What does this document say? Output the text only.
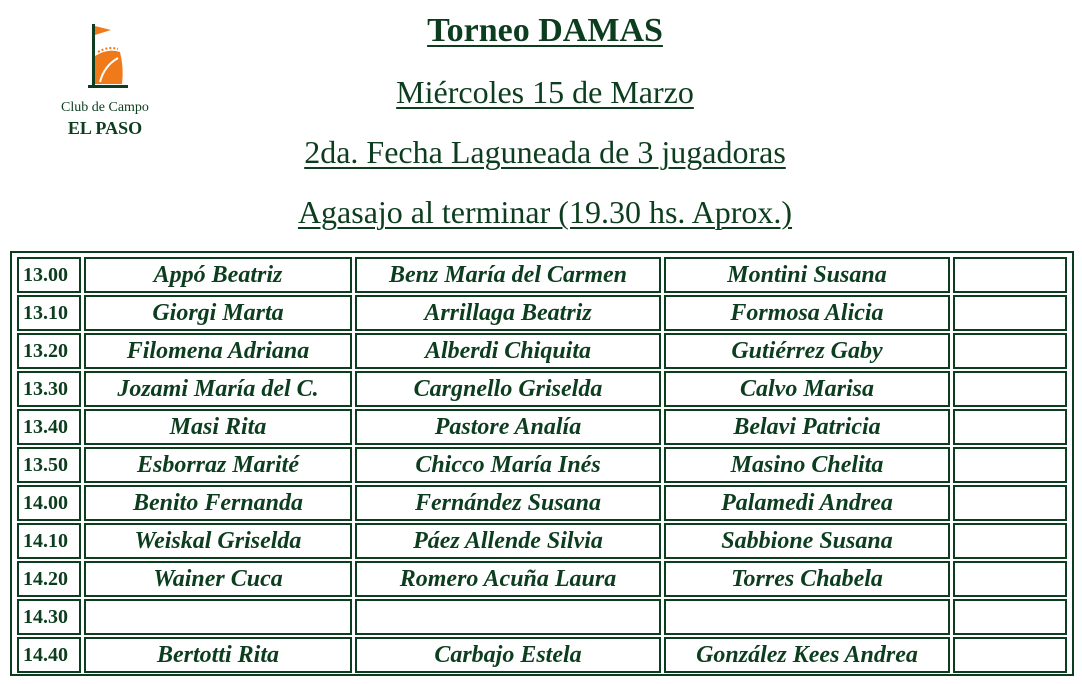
Club de Campo
EL PASO
Torneo DAMAS
Miércoles 15 de Marzo
2da. Fecha Laguneada de 3 jugadoras
Agasajo al terminar (19.30 hs. Aprox.)
13.00	Appó Beatriz	Benz María del Carmen	Montini Susana	
13.10	Giorgi Marta	Arrillaga Beatriz	Formosa Alicia	
13.20	Filomena Adriana	Alberdi Chiquita	Gutiérrez Gaby	
13.30	Jozami María del C.	Cargnello Griselda	Calvo Marisa	
13.40	Masi Rita	Pastore Analía	Belavi Patricia	
13.50	Esborraz Marité	Chicco María Inés	Masino Chelita	
14.00	Benito Fernanda	Fernández Susana	Palamedi Andrea	
14.10	Weiskal Griselda	Páez Allende Silvia	Sabbione Susana	
14.20	Wainer Cuca	Romero Acuña Laura	Torres Chabela	
14.30				
14.40	Bertotti Rita	Carbajo Estela	González Kees Andrea	
